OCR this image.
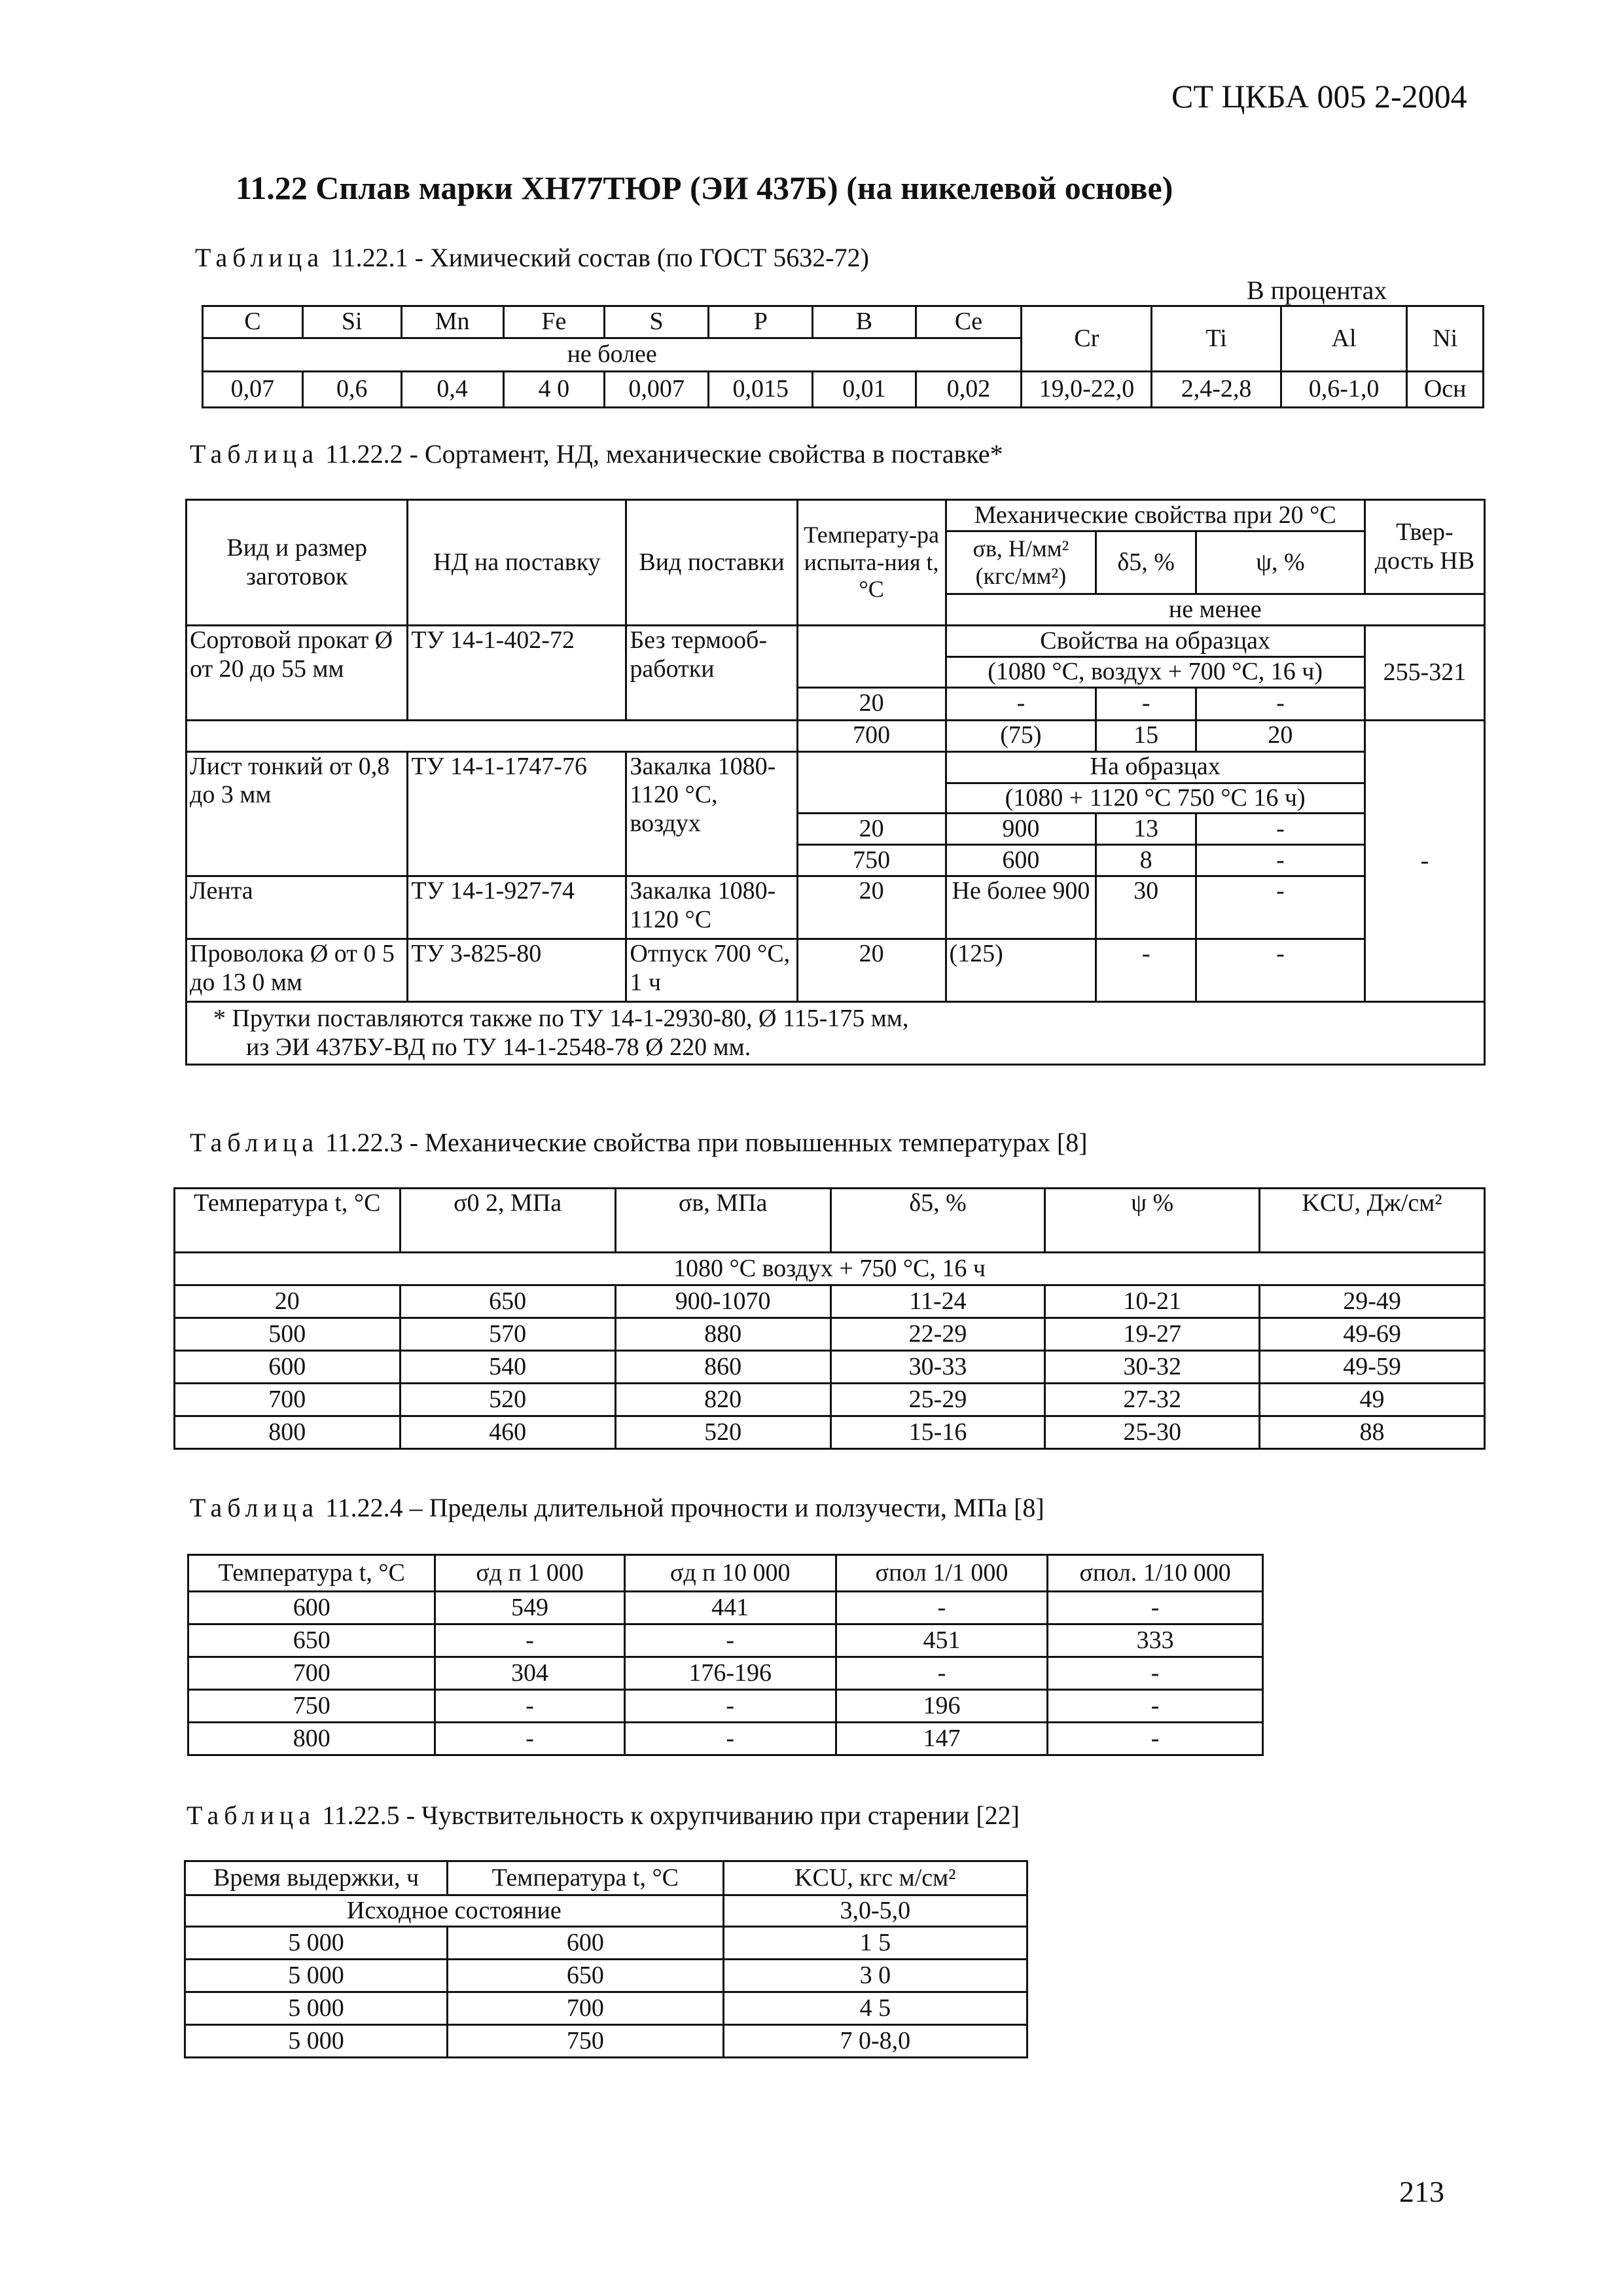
СТ ЦКБА 005 2-2004
11.22 Сплав марки ХН77ТЮР (ЭИ 437Б) (на никелевой основе)
Таблица 11.22.1 - Химический состав (по ГОСТ 5632-72)
В процентах
C	Si	Mn	Fe	S	P	B	Ce	Cr	Ti	Al	Ni
не более											
0,07	0,6	0,4	4 0	0,007	0,015	0,01	0,02	19,0-22,0	2,4-2,8	0,6-1,0	Осн
Таблица 11.22.2 - Сортамент, НД, механические свойства в поставке*
Вид и размер заготовок	НД на поставку	Вид поставки	Температу-ра испыта-ния t, °C	Механические свойства при 20 °C			Твер-дость НВ
				σв, Н/мм² (кгс/мм²)	δ5, %	ψ, %	
				не менее			
Сортовой прокат Ø от 20 до 55 мм	ТУ 14-1-402-72	Без термооб-работки		Свойства на образцах			255-321
				(1080 °C, воздух + 700 °C, 16 ч)			
			20	-	-	-	
			700	(75)	15	20	-
Лист тонкий от 0,8 до 3 мм	ТУ 14-1-1747-76	Закалка 1080-1120 °C, воздух		На образцах			
				(1080 + 1120 °C 750 °C 16 ч)			
			20	900	13	-	
			750	600	8	-	
Лента	ТУ 14-1-927-74	Закалка 1080-1120 °C	20	Не более 900	30	-	
Проволока Ø от 0 5 до 13 0 мм	ТУ 3-825-80	Отпуск 700 °C, 1 ч	20	(125)	-	-	

* Прутки поставляются также по ТУ 14-1-2930-80, Ø 115-175 мм,
из ЭИ 437БУ-ВД по ТУ 14-1-2548-78 Ø 220 мм.							
Таблица 11.22.3 - Механические свойства при повышенных температурах [8]
Температура t, °C	σ0 2, МПа	σв, МПа	δ5, %	ψ %	KCU, Дж/см²
1080 °C воздух + 750 °C, 16 ч					
20	650	900-1070	11-24	10-21	29-49
500	570	880	22-29	19-27	49-69
600	540	860	30-33	30-32	49-59
700	520	820	25-29	27-32	49
800	460	520	15-16	25-30	88
Таблица 11.22.4 – Пределы длительной прочности и ползучести, МПа [8]
Температура t, °C	σд п 1 000	σд п 10 000	σпол 1/1 000	σпол. 1/10 000
600	549	441	-	-
650	-	-	451	333
700	304	176-196	-	-
750	-	-	196	-
800	-	-	147	-
Таблица 11.22.5 - Чувствительность к охрупчиванию при старении [22]
Время выдержки, ч	Температура t, °C	KCU, кгс м/см²
Исходное состояние		3,0-5,0
5 000	600	1 5
5 000	650	3 0
5 000	700	4 5
5 000	750	7 0-8,0
213
